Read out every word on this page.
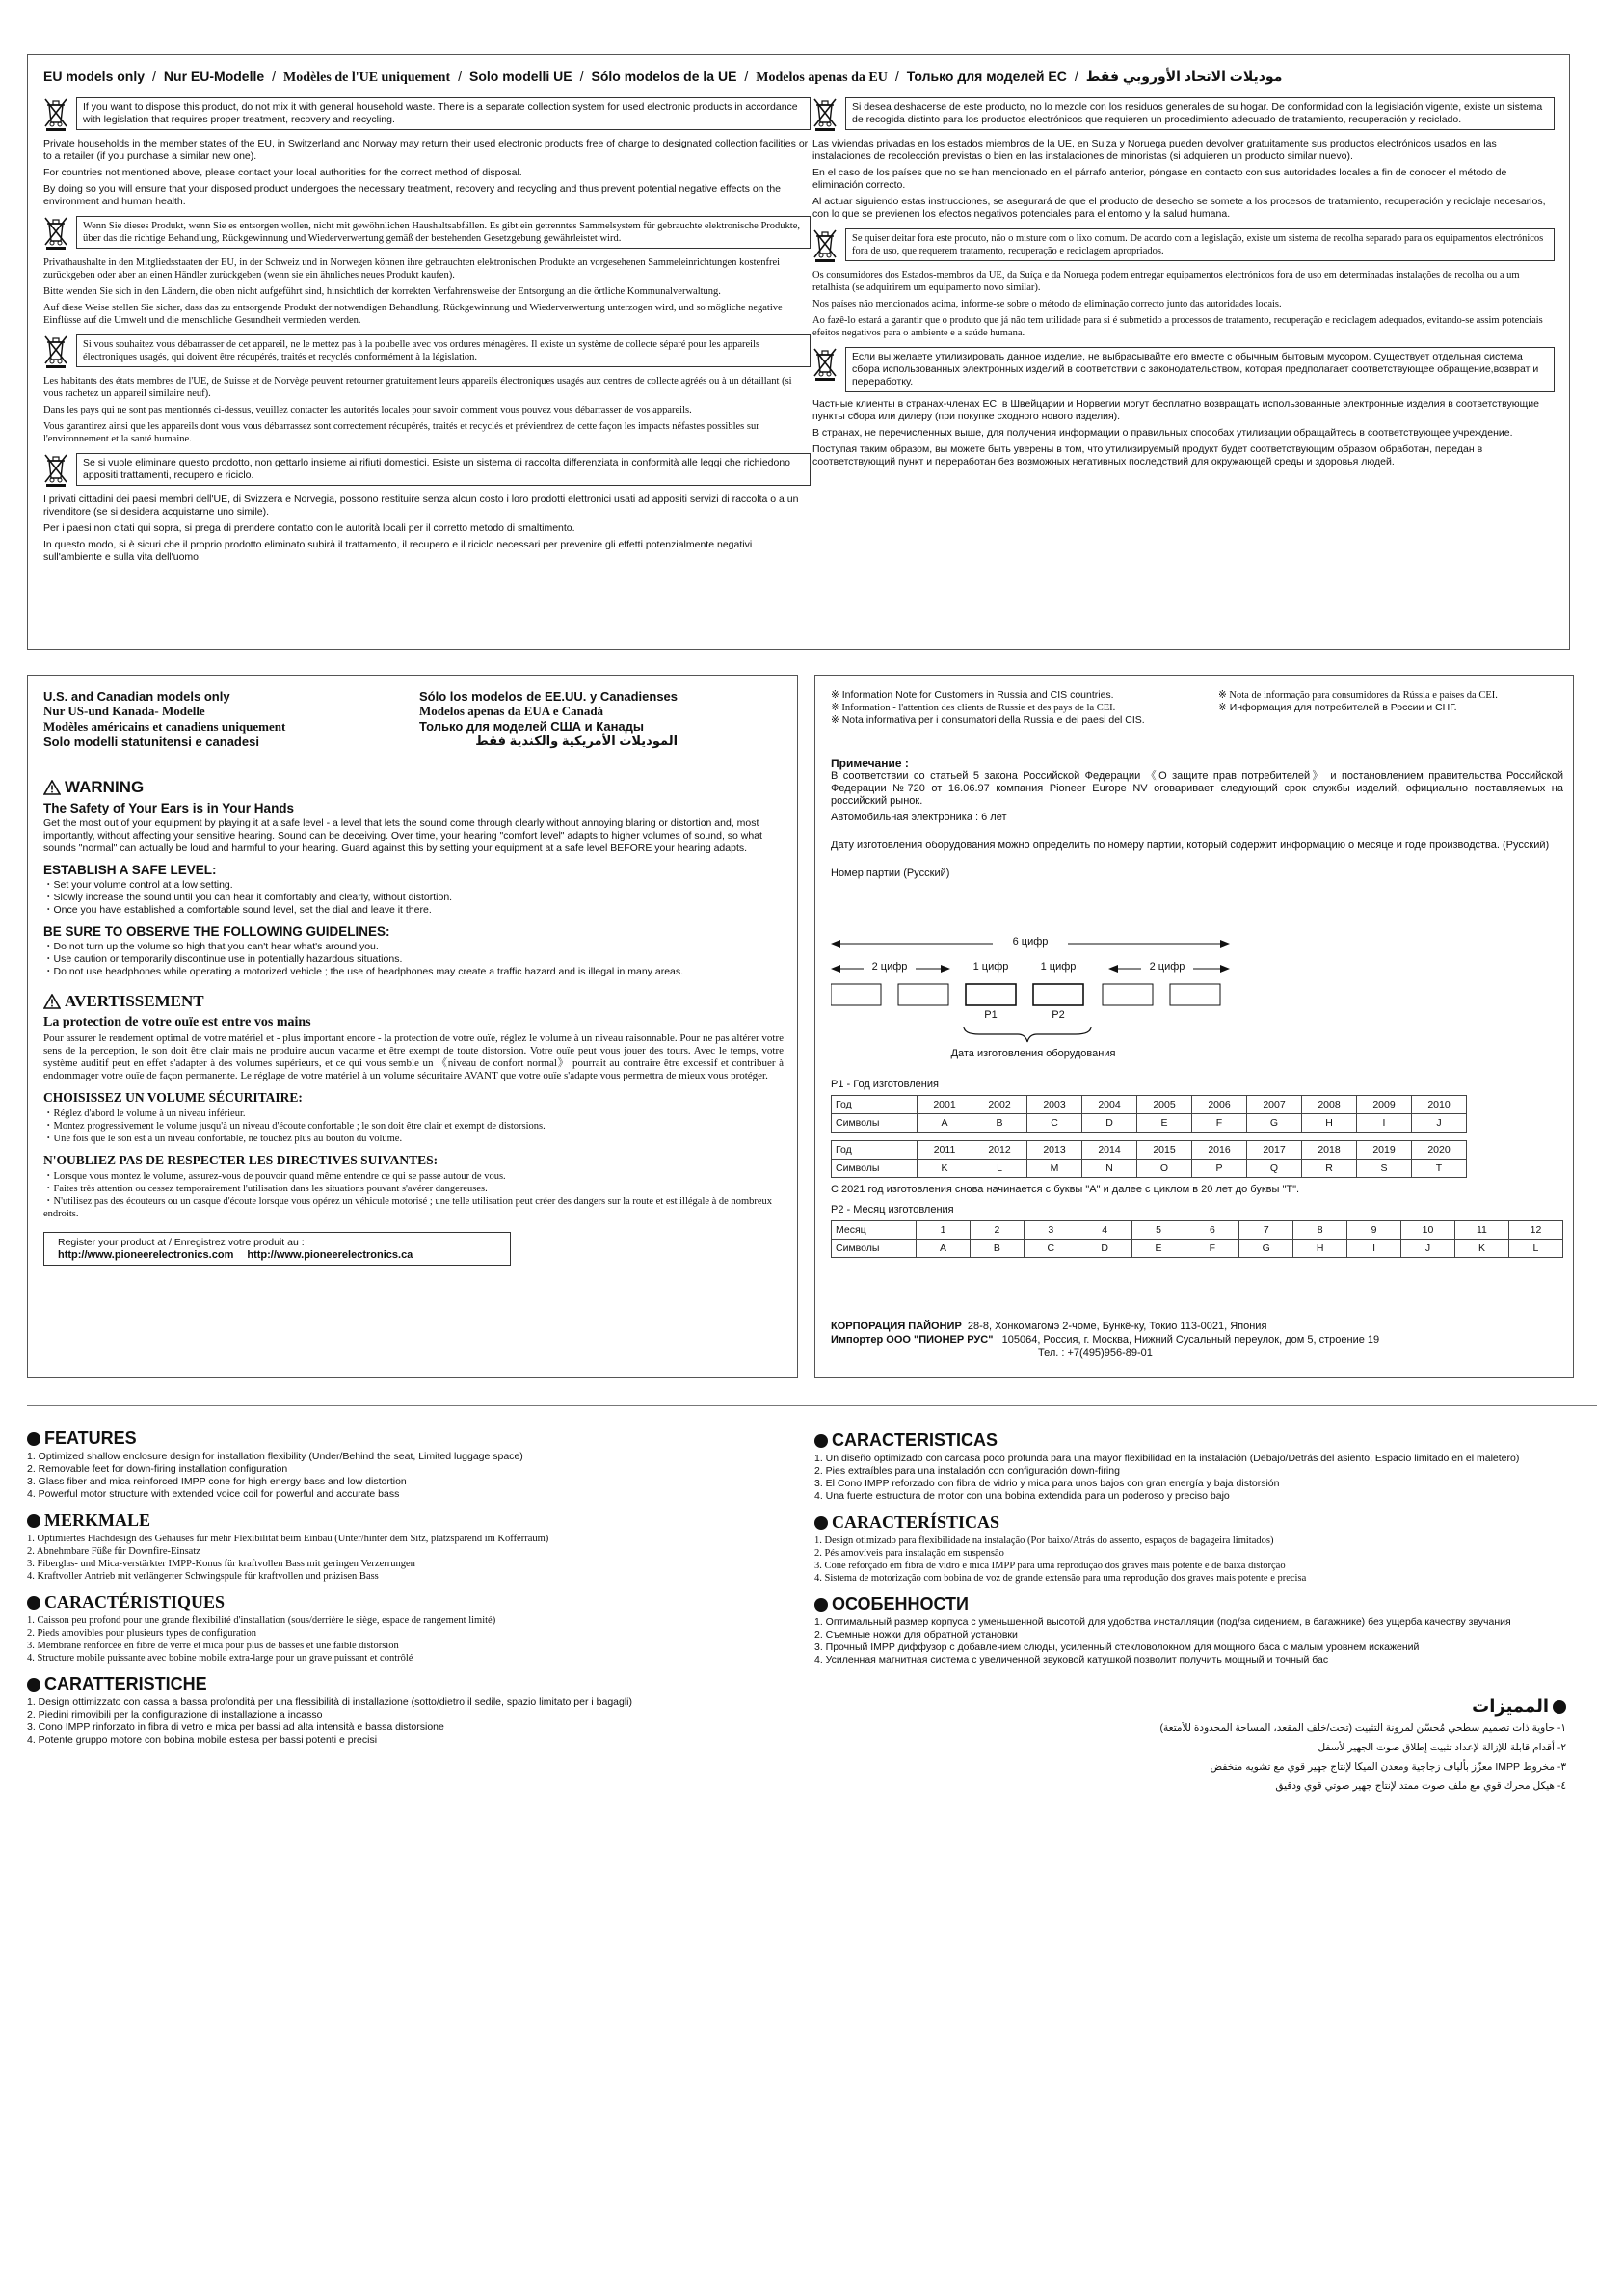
EU models only / Nur EU-Modelle / Modèles de l'UE uniquement / Solo modelli UE / Sólo modelos de la UE / Modelos apenas da EU / Только для моделей ЕС / موديلات الاتحاد الأوروبي فقط
If you want to dispose this product, do not mix it with general household waste. There is a separate collection system for used electronic products in accordance with legislation that requires proper treatment, recovery and recycling.

Private households in the member states of the EU, in Switzerland and Norway may return their used electronic products free of charge to designated collection facilities or to a retailer (if you purchase a similar new one).

For countries not mentioned above, please contact your local authorities for the correct method of disposal.

By doing so you will ensure that your disposed product undergoes the necessary treatment, recovery and recycling and thus prevent potential negative effects on the environment and human health.

Wenn Sie dieses Produkt, wenn Sie es entsorgen wollen, nicht mit gewöhnlichen Haushaltsabfällen. Es gibt ein getrenntes Sammelsystem für gebrauchte elektronische Produkte, über das die richtige Behandlung, Rückgewinnung und Wiederverwertung gemäß der bestehenden Gesetzgebung gewährleistet wird.

Privathaushalte in den Mitgliedsstaaten der EU, in der Schweiz und in Norwegen können ihre gebrauchten elektronischen Produkte an vorgesehenen Sammeleinrichtungen kostenfrei zurückgeben oder aber an einen Händler zurückgeben (wenn sie ein ähnliches neues Produkt kaufen).

Bitte wenden Sie sich in den Ländern, die oben nicht aufgeführt sind, hinsichtlich der korrekten Verfahrensweise der Entsorgung an die örtliche Kommunalverwaltung.

Auf diese Weise stellen Sie sicher, dass das zu entsorgende Produkt der notwendigen Behandlung, Rückgewinnung und Wiederverwertung unterzogen wird, und so mögliche negative Einflüsse auf die Umwelt und die menschliche Gesundheit vermieden werden.

Si vous souhaitez vous débarrasser de cet appareil, ne le mettez pas à la poubelle avec vos ordures ménagères. Il existe un système de collecte séparé pour les appareils électroniques usagés, qui doivent être récupérés, traités et recyclés conformément à la législation.

Les habitants des états membres de l'UE, de Suisse et de Norvège peuvent retourner gratuitement leurs appareils électroniques usagés aux centres de collecte agréés ou à un détaillant (si vous rachetez un appareil similaire neuf).

Dans les pays qui ne sont pas mentionnés ci-dessus, veuillez contacter les autorités locales pour savoir comment vous pouvez vous débarrasser de vos appareils.

Vous garantirez ainsi que les appareils dont vous vous débarrassez sont correctement récupérés, traités et recyclés et préviendrez de cette façon les impacts néfastes possibles sur l'environnement et la santé humaine.

Se si vuole eliminare questo prodotto, non gettarlo insieme ai rifiuti domestici. Esiste un sistema di raccolta differenziata in conformità alle leggi che richiedono appositi trattamenti, recupero e riciclo.

I privati cittadini dei paesi membri dell'UE, di Svizzera e Norvegia, possono restituire senza alcun costo i loro prodotti elettronici usati ad appositi servizi di raccolta o a un rivenditore (se si desidera acquistarne uno simile).

Per i paesi non citati qui sopra, si prega di prendere contatto con le autorità locali per il corretto metodo di smaltimento.

In questo modo, si è sicuri che il proprio prodotto eliminato subirà il trattamento, il recupero e il riciclo necessari per prevenire gli effetti potenzialmente negativi sull'ambiente e sulla vita dell'uomo.

Si desea deshacerse de este producto, no lo mezcle con los residuos generales de su hogar. De conformidad con la legislación vigente, existe un sistema de recogida distinto para los productos electrónicos que requieren un procedimiento adecuado de tratamiento, recuperación y reciclado.

Las viviendas privadas en los estados miembros de la UE, en Suiza y Noruega pueden devolver gratuitamente sus productos electrónicos usados en las instalaciones de recolección previstas o bien en las instalaciones de minoristas (si adquieren un producto similar nuevo).

En el caso de los países que no se han mencionado en el párrafo anterior, póngase en contacto con sus autoridades locales a fin de conocer el método de eliminación correcto.

Al actuar siguiendo estas instrucciones, se asegurará de que el producto de desecho se somete a los procesos de tratamiento, recuperación y reciclaje necesarios, con lo que se previenen los efectos negativos potenciales para el entorno y la salud humana.

Se quiser deitar fora este produto, não o misture com o lixo comum. De acordo com a legislação, existe um sistema de recolha separado para os equipamentos electrónicos fora de uso, que requerem tratamento, recuperação e reciclagem apropriados.

Os consumidores dos Estados-membros da UE, da Suíça e da Noruega podem entregar equipamentos electrónicos fora de uso em determinadas instalações de recolha ou a um retalhista (se adquirirem um equipamento novo similar).

Nos países não mencionados acima, informe-se sobre o método de eliminação correcto junto das autoridades locais.

Ao fazê-lo estará a garantir que o produto que já não tem utilidade para si é submetido a processos de tratamento, recuperação e reciclagem adequados, evitando-se assim potenciais efeitos negativos para o ambiente e a saúde humana.

Если вы желаете утилизировать данное изделие, не выбрасывайте его вместе с обычным бытовым мусором. Существует отдельная система сбора использованных электронных изделий в соответствии с законодательством, которая предполагает соответствующее обращение,возврат и переработку.

Частные клиенты в странах-членах ЕС, в Швейцарии и Норвегии могут бесплатно возвращать использованные электронные изделия в соответствующие пункты сбора или дилеру (при покупке сходного нового изделия).

В странах, не перечисленных выше, для получения информации о правильных способах утилизации обращайтесь в соответствующее учреждение.

Поступая таким образом, вы можете быть уверены в том, что утилизируемый продукт будет соответствующим образом обработан, передан в соответствующий пункт и переработан без возможных негативных последствий для окружающей среды и здоровья людей.

U.S. and Canadian models only
Nur US-und Kanada- Modelle
Modèles américains et canadiens uniquement
Solo modelli statunitensi e canadesi
Sólo los modelos de EE.UU. y Canadienses
Modelos apenas da EUA e Canadá
Только для моделей США и Канады
الموديلات الأمريكية والكندية فقط
WARNING
The Safety of Your Ears is in Your Hands

Get the most out of your equipment by playing it at a safe level - a level that lets the sound come through clearly without annoying blaring or distortion and, most importantly, without affecting your sensitive hearing. Sound can be deceiving. Over time, your hearing "comfort level" adapts to higher volumes of sound, so what sounds "normal" can actually be loud and harmful to your hearing. Guard against this by setting your equipment at a safe level BEFORE your hearing adapts.

ESTABLISH A SAFE LEVEL:
・Set your volume control at a low setting.
・Slowly increase the sound until you can hear it comfortably and clearly, without distortion.
・Once you have established a comfortable sound level, set the dial and leave it there.
BE SURE TO OBSERVE THE FOLLOWING GUIDELINES:
・Do not turn up the volume so high that you can't hear what's around you.
・Use caution or temporarily discontinue use in potentially hazardous situations.
・Do not use headphones while operating a motorized vehicle ; the use of headphones may create a traffic hazard and is illegal in many areas.
AVERTISSEMENT
La protection de votre ouïe est entre vos mains

Pour assurer le rendement optimal de votre matériel et - plus important encore - la protection de votre ouïe, réglez le volume à un niveau raisonnable. Pour ne pas altérer votre sens de la perception, le son doit être clair mais ne produire aucun vacarme et être exempt de toute distorsion. Votre ouïe peut vous jouer des tours. Avec le temps, votre système auditif peut en effet s'adapter à des volumes supérieurs, et ce qui vous semble un 《niveau de confort normal》 pourrait au contraire être excessif et contribuer à endommager votre ouïe de façon permanente. Le réglage de votre matériel à un volume sécuritaire AVANT que votre ouïe s'adapte vous permettra de mieux vous protéger.

CHOISISSEZ UN VOLUME SÉCURITAIRE:
・Réglez d'abord le volume à un niveau inférieur.
・Montez progressivement le volume jusqu'à un niveau d'écoute confortable ; le son doit être clair et exempt de distorsions.
・Une fois que le son est à un niveau confortable, ne touchez plus au bouton du volume.
N'OUBLIEZ PAS DE RESPECTER LES DIRECTIVES SUIVANTES:
・Lorsque vous montez le volume, assurez-vous de pouvoir quand même entendre ce qui se passe autour de vous.
・Faites très attention ou cessez temporairement l'utilisation dans les situations pouvant s'avérer dangereuses.
・N'utilisez pas des écouteurs ou un casque d'écoute lorsque vous opérez un véhicule motorisé ; une telle utilisation peut créer des dangers sur la route et est illégale à de nombreux endroits.
Register your product at / Enregistrez votre produit au :
http://www.pioneerelectronics.com http://www.pioneerelectronics.ca
※ Information Note for Customers in Russia and CIS countries.
※ Information - l'attention des clients de Russie et des pays de la CEI.
※ Nota informativa per i consumatori della Russia e dei paesi del CIS.
※ Nota de informação para consumidores da Rússia e países da CEI.
※ Информация для потребителей в России и СНГ.
Примечание :

В соответствии со статьей 5 закона Российской Федерации 《О защите прав потребителей》 и постановлением правительства Российской Федерации №720 от 16.06.97 компания Pioneer Europe NV оговаривает следующий срок службы изделий, официально поставляемых на российский рынок.

Автомобильная электроника : 6 лет

Дату изготовления оборудования можно определить по номеру партии, который содержит информацию о месяце и годе производства. (Русский)

Номер партии (Русский)

6 цифр
2 цифр	1 цифр	1 цифр	2 цифр
P1	P2
Дата изготовления оборудования
P1 - Год изготовления
Год	2001	2002	2003	2004	2005	2006	2007	2008	2009	2010
Символы	A	B	C	D	E	F	G	H	I	J
Год	2011	2012	2013	2014	2015	2016	2017	2018	2019	2020
Символы	K	L	M	N	O	P	Q	R	S	T
С 2021 год изготовления снова начинается с буквы "A" и далее с циклом в 20 лет до буквы "T".
P2 - Месяц изготовления
Месяц	1	2	3	4	5	6	7	8	9	10	11	12
Символы	A	B	C	D	E	F	G	H	I	J	K	L
КОРПОРАЦИЯ ПАЙОНИР 28-8, Хонкомагомэ 2-чоме, Бункё-ку, Токио 113-0021, Япония
Импортер ООО "ПИОНЕР РУС" 105064, Россия, г. Москва, Нижний Сусальный переулок, дом 5, строение 19
Тел. : +7(495)956-89-01
FEATURES
1. Optimized shallow enclosure design for installation flexibility (Under/Behind the seat, Limited luggage space)
2. Removable feet for down-firing installation configuration
3. Glass fiber and mica reinforced IMPP cone for high energy bass and low distortion
4. Powerful motor structure with extended voice coil for powerful and accurate bass
MERKMALE
1. Optimiertes Flachdesign des Gehäuses für mehr Flexibilität beim Einbau (Unter/hinter dem Sitz, platzsparend im Kofferraum)
2. Abnehmbare Füße für Downfire-Einsatz
3. Fiberglas- und Mica-verstärkter IMPP-Konus für kraftvollen Bass mit geringen Verzerrungen
4. Kraftvoller Antrieb mit verlängerter Schwingspule für kraftvollen und präzisen Bass
CARACTÉRISTIQUES
1. Caisson peu profond pour une grande flexibilité d'installation (sous/derrière le siège, espace de rangement limité)
2. Pieds amovibles pour plusieurs types de configuration
3. Membrane renforcée en fibre de verre et mica pour plus de basses et une faible distorsion
4. Structure mobile puissante avec bobine mobile extra-large pour un grave puissant et contrôlé
CARATTERISTICHE
1. Design ottimizzato con cassa a bassa profondità per una flessibilità di installazione (sotto/dietro il sedile, spazio limitato per i bagagli)
2. Piedini rimovibili per la configurazione di installazione a incasso
3. Cono IMPP rinforzato in fibra di vetro e mica per bassi ad alta intensità e bassa distorsione
4. Potente gruppo motore con bobina mobile estesa per bassi potenti e precisi
CARACTERISTICAS
1. Un diseño optimizado con carcasa poco profunda para una mayor flexibilidad en la instalación (Debajo/Detrás del asiento, Espacio limitado en el maletero)
2. Pies extraíbles para una instalación con configuración down-firing
3. El Cono IMPP reforzado con fibra de vidrio y mica para unos bajos con gran energía y baja distorsión
4. Una fuerte estructura de motor con una bobina extendida para un poderoso y preciso bajo
CARACTERÍSTICAS
1. Design otimizado para flexibilidade na instalação (Por baixo/Atrás do assento, espaços de bagageira limitados)
2. Pés amovíveis para instalação em suspensão
3. Cone reforçado em fibra de vidro e mica IMPP para uma reprodução dos graves mais potente e de baixa distorção
4. Sistema de motorização com bobina de voz de grande extensão para uma reprodução dos graves mais potente e precisa
ОСОБЕННОСТИ
1. Оптимальный размер корпуса с уменьшенной высотой для удобства инсталляции (под/за сидением, в багажнике) без ущерба качеству звучания
2. Съемные ножки для обратной установки
3. Прочный IMPP диффузор с добавлением слюды, усиленный стекловолокном для мощного баса с малым уровнем искажений
4. Усиленная магнитная система с увеличенной звуковой катушкой позволит получить мощный и точный бас
المميزات
١- حاوية ذات تصميم سطحي مُحسّن لمرونة التثبيت (تحت/خلف المقعد، المساحة المحدودة للأمتعة)
٢- أقدام قابلة للإزالة لإعداد تثبيت إطلاق صوت الجهير لأسفل
٣- مخروط IMPP معزّز بألياف زجاجية ومعدن الميكا لإنتاج جهير قوي مع تشويه منخفض
٤- هيكل محرك قوي مع ملف صوت ممتد لإنتاج جهير صوتي قوي ودقيق
